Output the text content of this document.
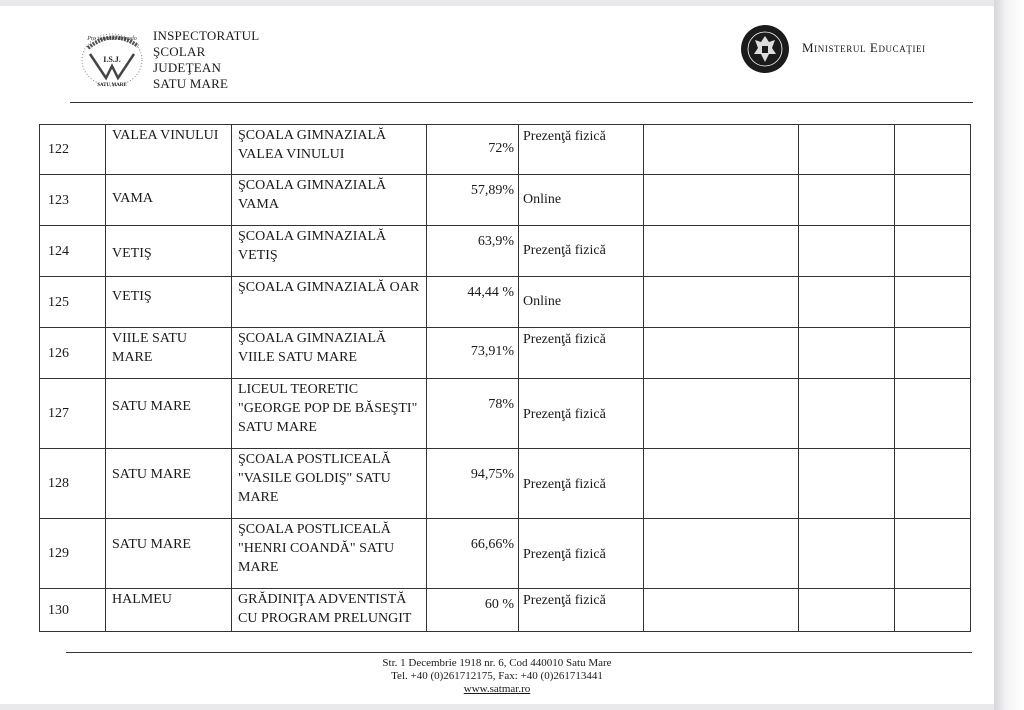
Pro scientia et modo
I.S.J.
SATU MARE
INSPECTORATUL
ŞCOLAR
JUDEŢEAN
SATU MARE
Ministerul Educaţiei
122	VALEA VINULUI	ŞCOALA GIMNAZIALĂ VALEA VINULUI	72%	Prezenţă fizică			
123	VAMA	ŞCOALA GIMNAZIALĂ VAMA	57,89%	Online			
124	VETIŞ	ŞCOALA GIMNAZIALĂ VETIŞ	63,9%	Prezenţă fizică			
125	VETIŞ	ŞCOALA GIMNAZIALĂ OAR	44,44 %	Online			
126	VIILE SATU MARE	ŞCOALA GIMNAZIALĂ VIILE SATU MARE	73,91%	Prezenţă fizică			
127	SATU MARE	LICEUL TEORETIC "GEORGE POP DE BĂSEŞTI" SATU MARE	78%	Prezenţă fizică			
128	SATU MARE	ŞCOALA POSTLICEALĂ "VASILE GOLDIŞ" SATU MARE	94,75%	Prezenţă fizică			
129	SATU MARE	ŞCOALA POSTLICEALĂ "HENRI COANDĂ" SATU MARE	66,66%	Prezenţă fizică			
130	HALMEU	GRĂDINIŢA ADVENTISTĂ CU PROGRAM PRELUNGIT	60 %	Prezenţă fizică			
Str. 1 Decembrie 1918 nr. 6, Cod 440010 Satu Mare
Tel. +40 (0)261712175, Fax: +40 (0)261713441
www.satmar.ro
